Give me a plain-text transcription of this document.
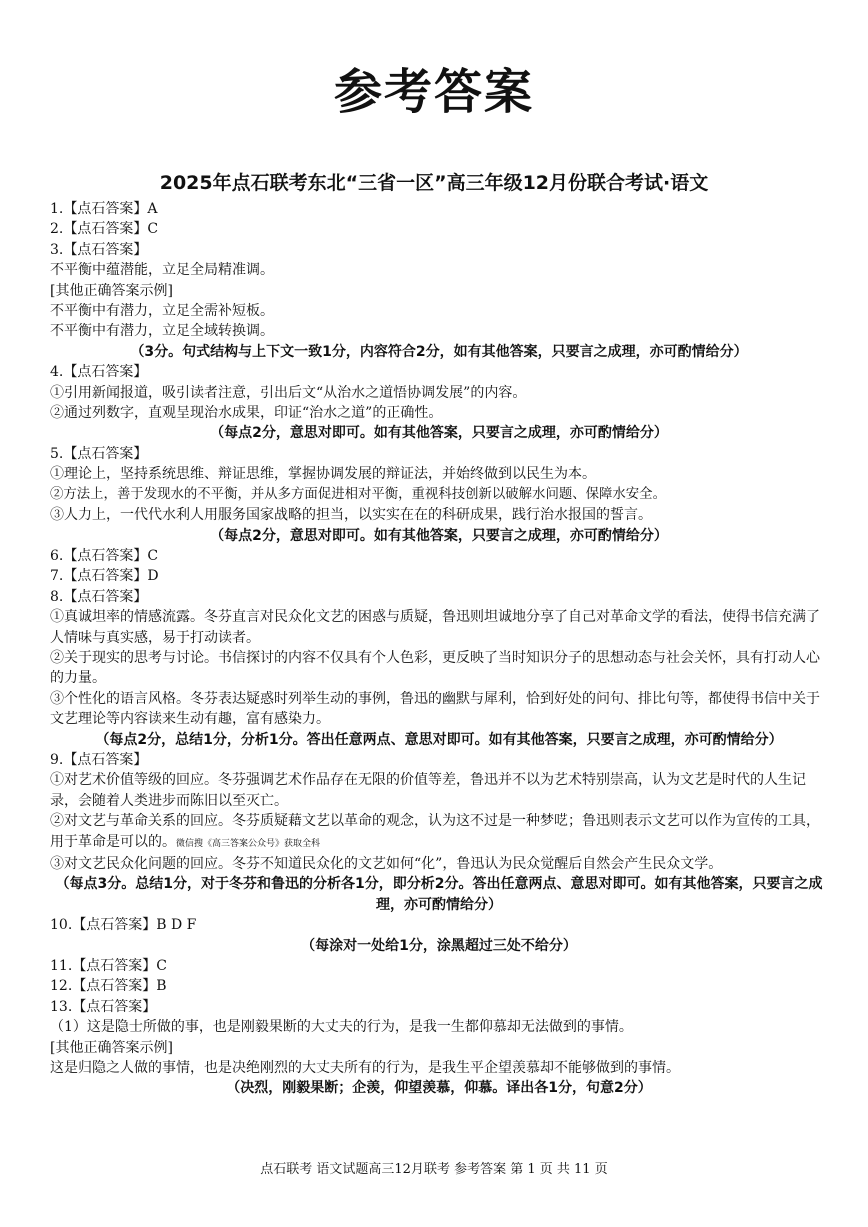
参考答案
2025年点石联考东北“三省一区”高三年级12月份联合考试·语文
1.【点石答案】A
2.【点石答案】C
3.【点石答案】
不平衡中蕴潜能，立足全局精准调。
[其他正确答案示例]
不平衡中有潜力，立足全需补短板。
不平衡中有潜力，立足全域转换调。
（3分。句式结构与上下文一致1分，内容符合2分，如有其他答案，只要言之成理，亦可酌情给分）
4.【点石答案】
①引用新闻报道，吸引读者注意，引出后文“从治水之道悟协调发展”的内容。
②通过列数字，直观呈现治水成果，印证“治水之道”的正确性。
（每点2分，意思对即可。如有其他答案，只要言之成理，亦可酌情给分）
5.【点石答案】
①理论上，坚持系统思维、辩证思维，掌握协调发展的辩证法，并始终做到以民生为本。
②方法上，善于发现水的不平衡，并从多方面促进相对平衡，重视科技创新以破解水问题、保障水安全。
③人力上，一代代水利人用服务国家战略的担当，以实实在在的科研成果，践行治水报国的誓言。
（每点2分，意思对即可。如有其他答案，只要言之成理，亦可酌情给分）
6.【点石答案】C
7.【点石答案】D
8.【点石答案】
①真诚坦率的情感流露。冬芬直言对民众化文艺的困惑与质疑，鲁迅则坦诚地分享了自己对革命文学的看法，使得书信充满了人情味与真实感，易于打动读者。
②关于现实的思考与讨论。书信探讨的内容不仅具有个人色彩，更反映了当时知识分子的思想动态与社会关怀，具有打动人心的力量。
③个性化的语言风格。冬芬表达疑惑时列举生动的事例，鲁迅的幽默与犀利，恰到好处的问句、排比句等，都使得书信中关于文艺理论等内容读来生动有趣，富有感染力。
（每点2分，总结1分，分析1分。答出任意两点、意思对即可。如有其他答案，只要言之成理，亦可酌情给分）
9.【点石答案】
①对艺术价值等级的回应。冬芬强调艺术作品存在无限的价值等差，鲁迅并不以为艺术特别崇高，认为文艺是时代的人生记录，会随着人类进步而陈旧以至灭亡。
②对文艺与革命关系的回应。冬芬质疑藉文艺以革命的观念，认为这不过是一种梦呓；鲁迅则表示文艺可以作为宣传的工具，用于革命是可以的。微信搜《高三答案公众号》获取全科
③对文艺民众化问题的回应。冬芬不知道民众化的文艺如何“化”，鲁迅认为民众觉醒后自然会产生民众文学。
（每点3分。总结1分，对于冬芬和鲁迅的分析各1分，即分析2分。答出任意两点、意思对即可。如有其他答案，只要言之成理，亦可酌情给分）
10.【点石答案】B D F
（每涂对一处给1分，涂黑超过三处不给分）
11.【点石答案】C
12.【点石答案】B
13.【点石答案】
（1）这是隐士所做的事，也是刚毅果断的大丈夫的行为，是我一生都仰慕却无法做到的事情。
[其他正确答案示例]
这是归隐之人做的事情，也是决绝刚烈的大丈夫所有的行为，是我生平企望羡慕却不能够做到的事情。
（决烈，刚毅果断；企羡，仰望羡慕，仰慕。译出各1分，句意2分）
点石联考 语文试题高三12月联考 参考答案 第 1 页 共 11 页
